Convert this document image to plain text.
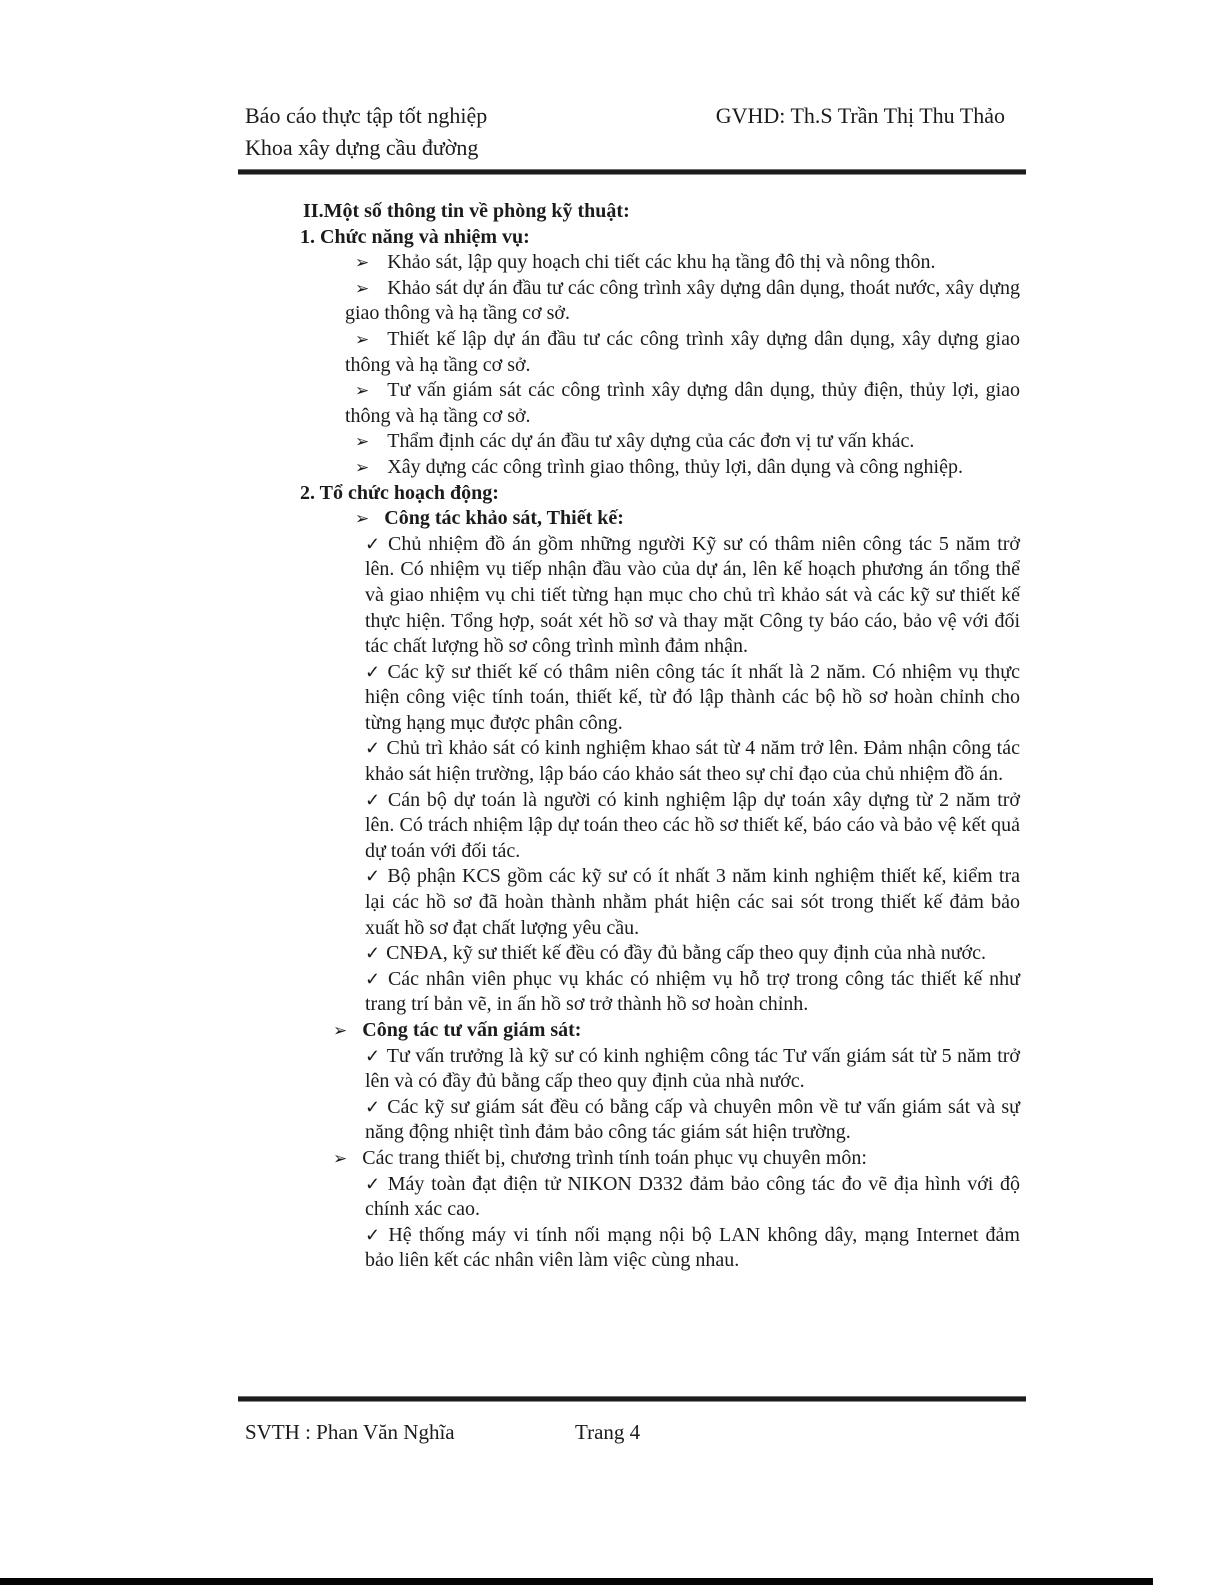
Báo cáo thực tập tốt nghiệp
Khoa xây dựng cầu đường
GVHD: Th.S Trần Thị Thu Thảo
II.Một số thông tin về phòng kỹ thuật:
1. Chức năng và nhiệm vụ:
➢ Khảo sát, lập quy hoạch chi tiết các khu hạ tầng đô thị và nông thôn.
➢ Khảo sát dự án đầu tư các công trình xây dựng dân dụng, thoát nước, xây dựng giao thông và hạ tầng cơ sở.
➢ Thiết kế lập dự án đầu tư các công trình xây dựng dân dụng, xây dựng giao thông và hạ tầng cơ sở.
➢ Tư vấn giám sát các công trình xây dựng dân dụng, thủy điện, thủy lợi, giao thông và hạ tầng cơ sở.
➢ Thẩm định các dự án đầu tư xây dựng của các đơn vị tư vấn khác.
➢ Xây dựng các công trình giao thông, thủy lợi, dân dụng và công nghiệp.
2. Tổ chức hoạch động:
➢ Công tác khảo sát, Thiết kế:
✓ Chủ nhiệm đồ án gồm những người Kỹ sư có thâm niên công tác 5 năm trở lên. Có nhiệm vụ tiếp nhận đầu vào của dự án, lên kế hoạch phương án tổng thể và giao nhiệm vụ chi tiết từng hạn mục cho chủ trì khảo sát và các kỹ sư thiết kế thực hiện. Tổng hợp, soát xét hồ sơ và thay mặt Công ty báo cáo, bảo vệ với đối tác chất lượng hồ sơ công trình mình đảm nhận.
✓ Các kỹ sư thiết kế có thâm niên công tác ít nhất là 2 năm. Có nhiệm vụ thực hiện công việc tính toán, thiết kế, từ đó lập thành các bộ hồ sơ hoàn chỉnh cho từng hạng mục được phân công.
✓ Chủ trì khảo sát có kinh nghiệm khao sát từ 4 năm trở lên. Đảm nhận công tác khảo sát hiện trường, lập báo cáo khảo sát theo sự chỉ đạo của chủ nhiệm đồ án.
✓ Cán bộ dự toán là người có kinh nghiệm lập dự toán xây dựng từ 2 năm trở lên. Có trách nhiệm lập dự toán theo các hồ sơ thiết kế, báo cáo và bảo vệ kết quả dự toán với đối tác.
✓ Bộ phận KCS gồm các kỹ sư có ít nhất 3 năm kinh nghiệm thiết kế, kiểm tra lại các hồ sơ đã hoàn thành nhằm phát hiện các sai sót trong thiết kế đảm bảo xuất hồ sơ đạt chất lượng yêu cầu.
✓ CNĐA, kỹ sư thiết kế đều có đầy đủ bằng cấp theo quy định của nhà nước.
✓ Các nhân viên phục vụ khác có nhiệm vụ hỗ trợ trong công tác thiết kế như trang trí bản vẽ, in ấn hồ sơ trở thành hồ sơ hoàn chỉnh.
➢ Công tác tư vấn giám sát:
✓ Tư vấn trưởng là kỹ sư có kinh nghiệm công tác Tư vấn giám sát từ 5 năm trở lên và có đầy đủ bằng cấp theo quy định của nhà nước.
✓ Các kỹ sư giám sát đều có bằng cấp và chuyên môn về tư vấn giám sát và sự năng động nhiệt tình đảm bảo công tác giám sát hiện trường.
➢ Các trang thiết bị, chương trình tính toán phục vụ chuyên môn:
✓ Máy toàn đạt điện tử NIKON D332 đảm bảo công tác đo vẽ địa hình với độ chính xác cao.
✓ Hệ thống máy vi tính nối mạng nội bộ LAN không dây, mạng Internet đảm bảo liên kết các nhân viên làm việc cùng nhau.
SVTH : Phan Văn Nghĩa	Trang 4
